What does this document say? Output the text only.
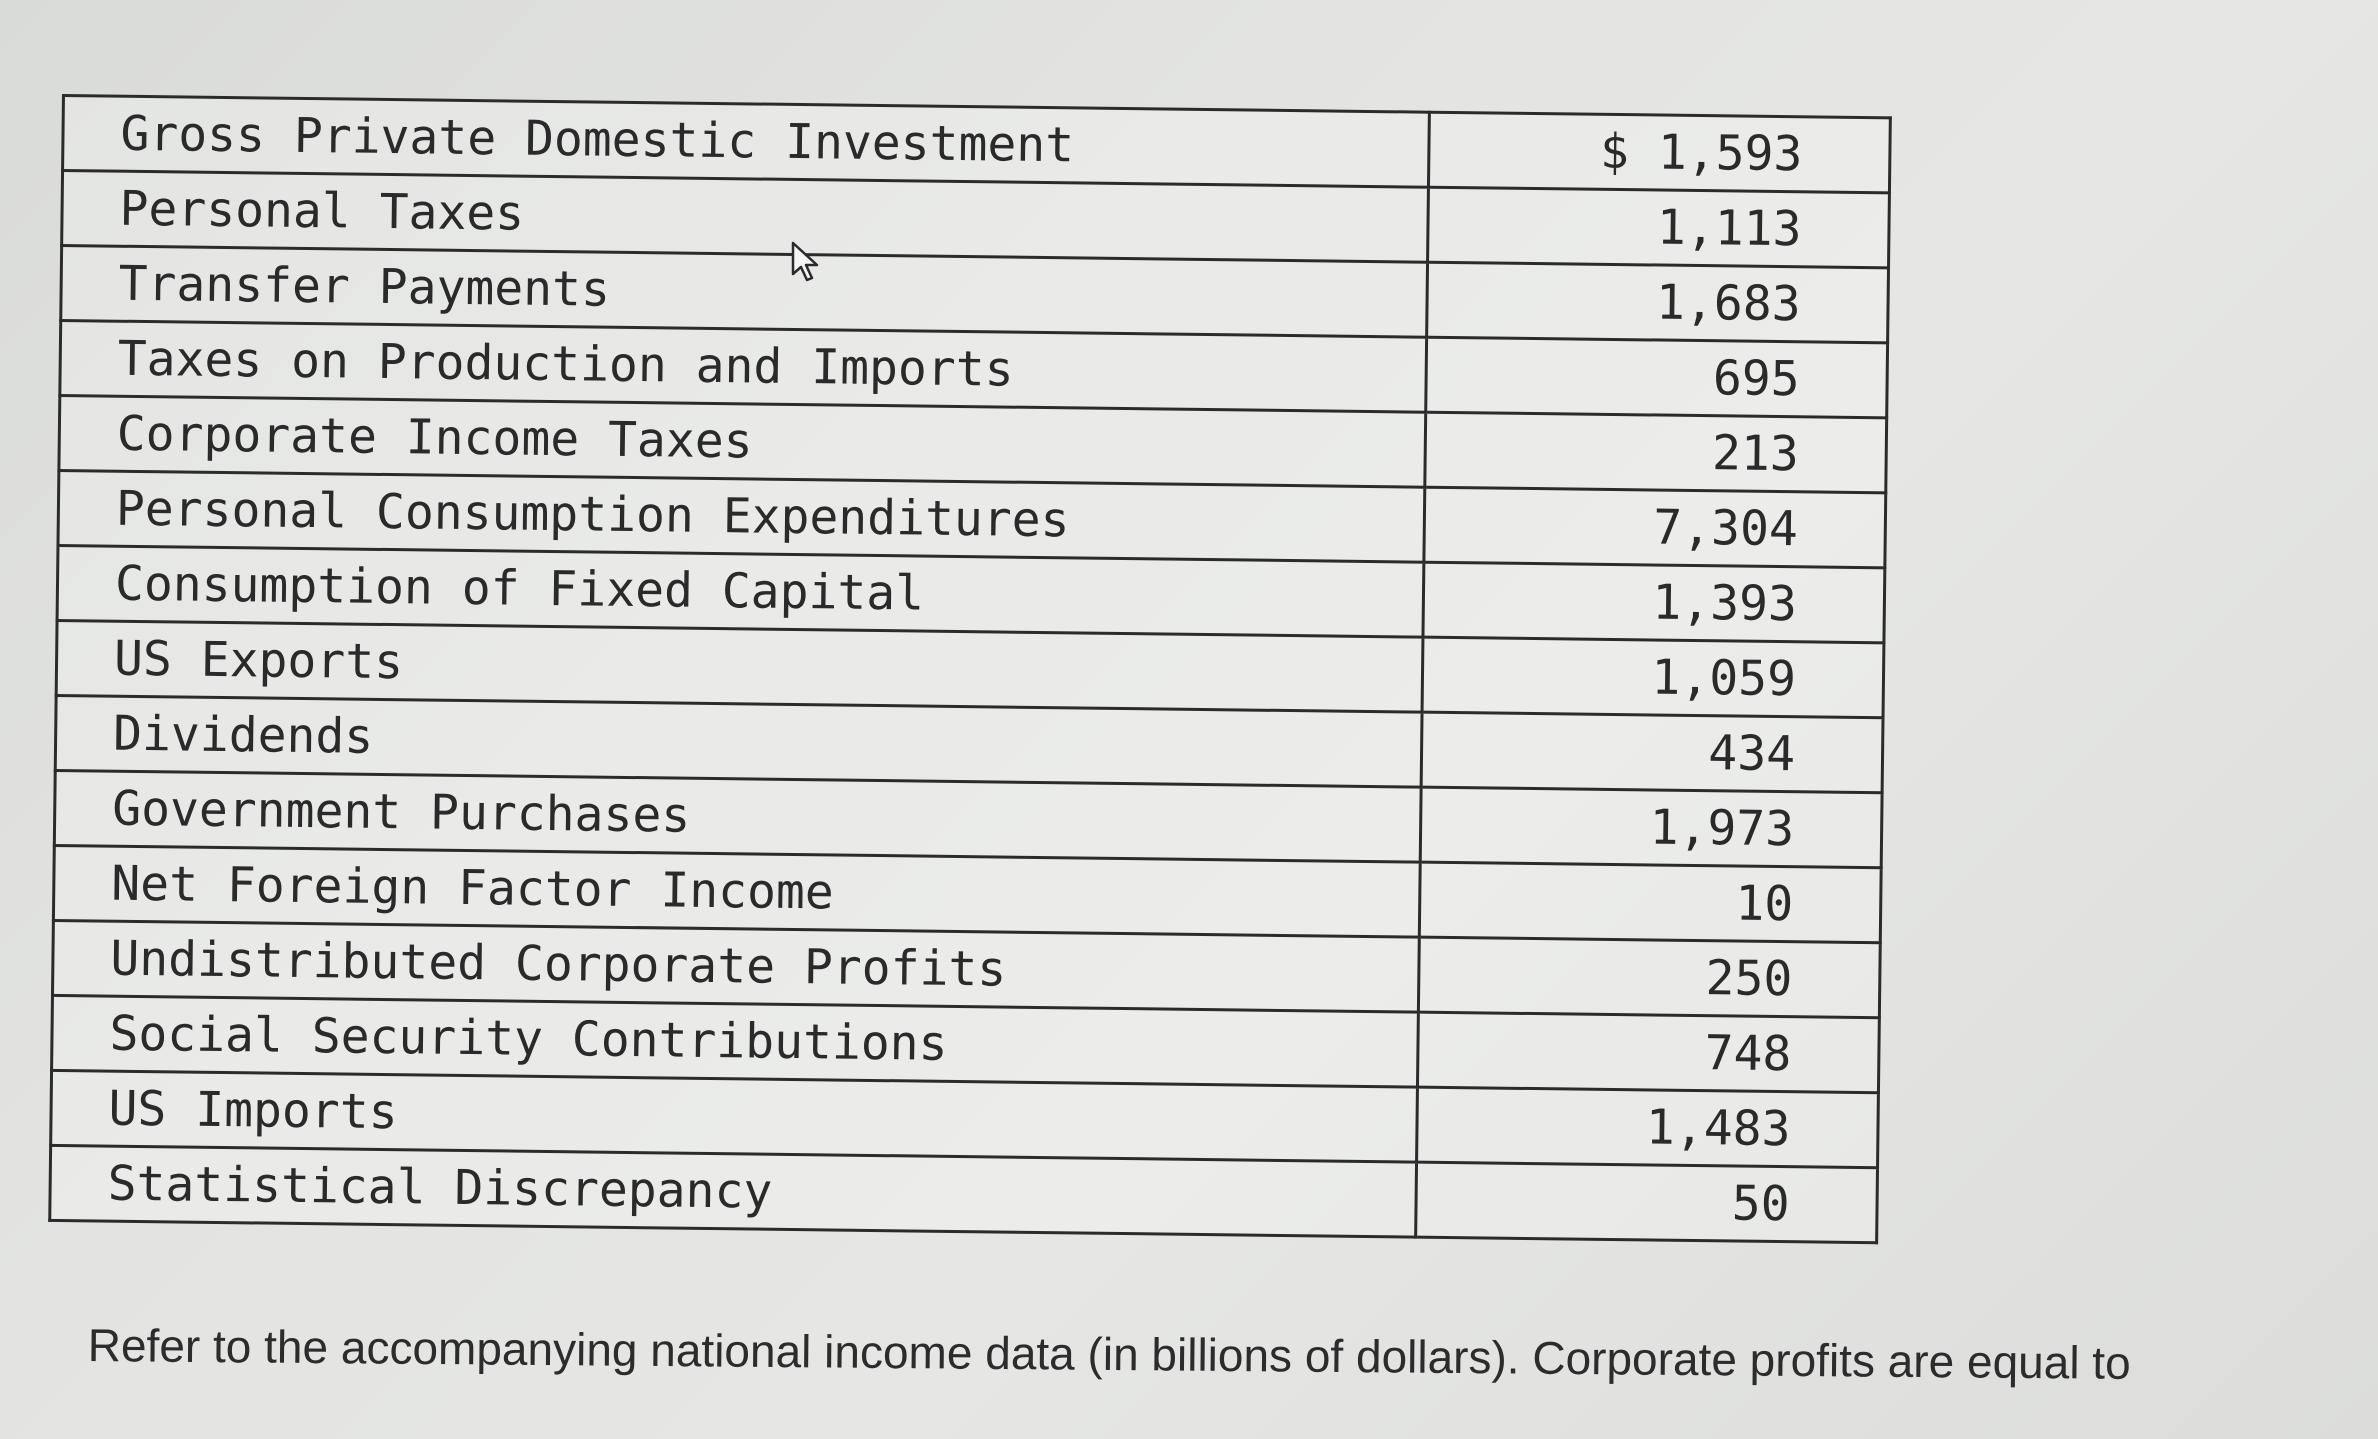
Gross Private Domestic Investment	$ 1,593
Personal Taxes	1,113
Transfer Payments	1,683
Taxes on Production and Imports	695
Corporate Income Taxes	213
Personal Consumption Expenditures	7,304
Consumption of Fixed Capital	1,393
US Exports	1,059
Dividends	434
Government Purchases	1,973
Net Foreign Factor Income	10
Undistributed Corporate Profits	250
Social Security Contributions	748
US Imports	1,483
Statistical Discrepancy	50
Refer to the accompanying national income data (in billions of dollars). Corporate profits are equal to
